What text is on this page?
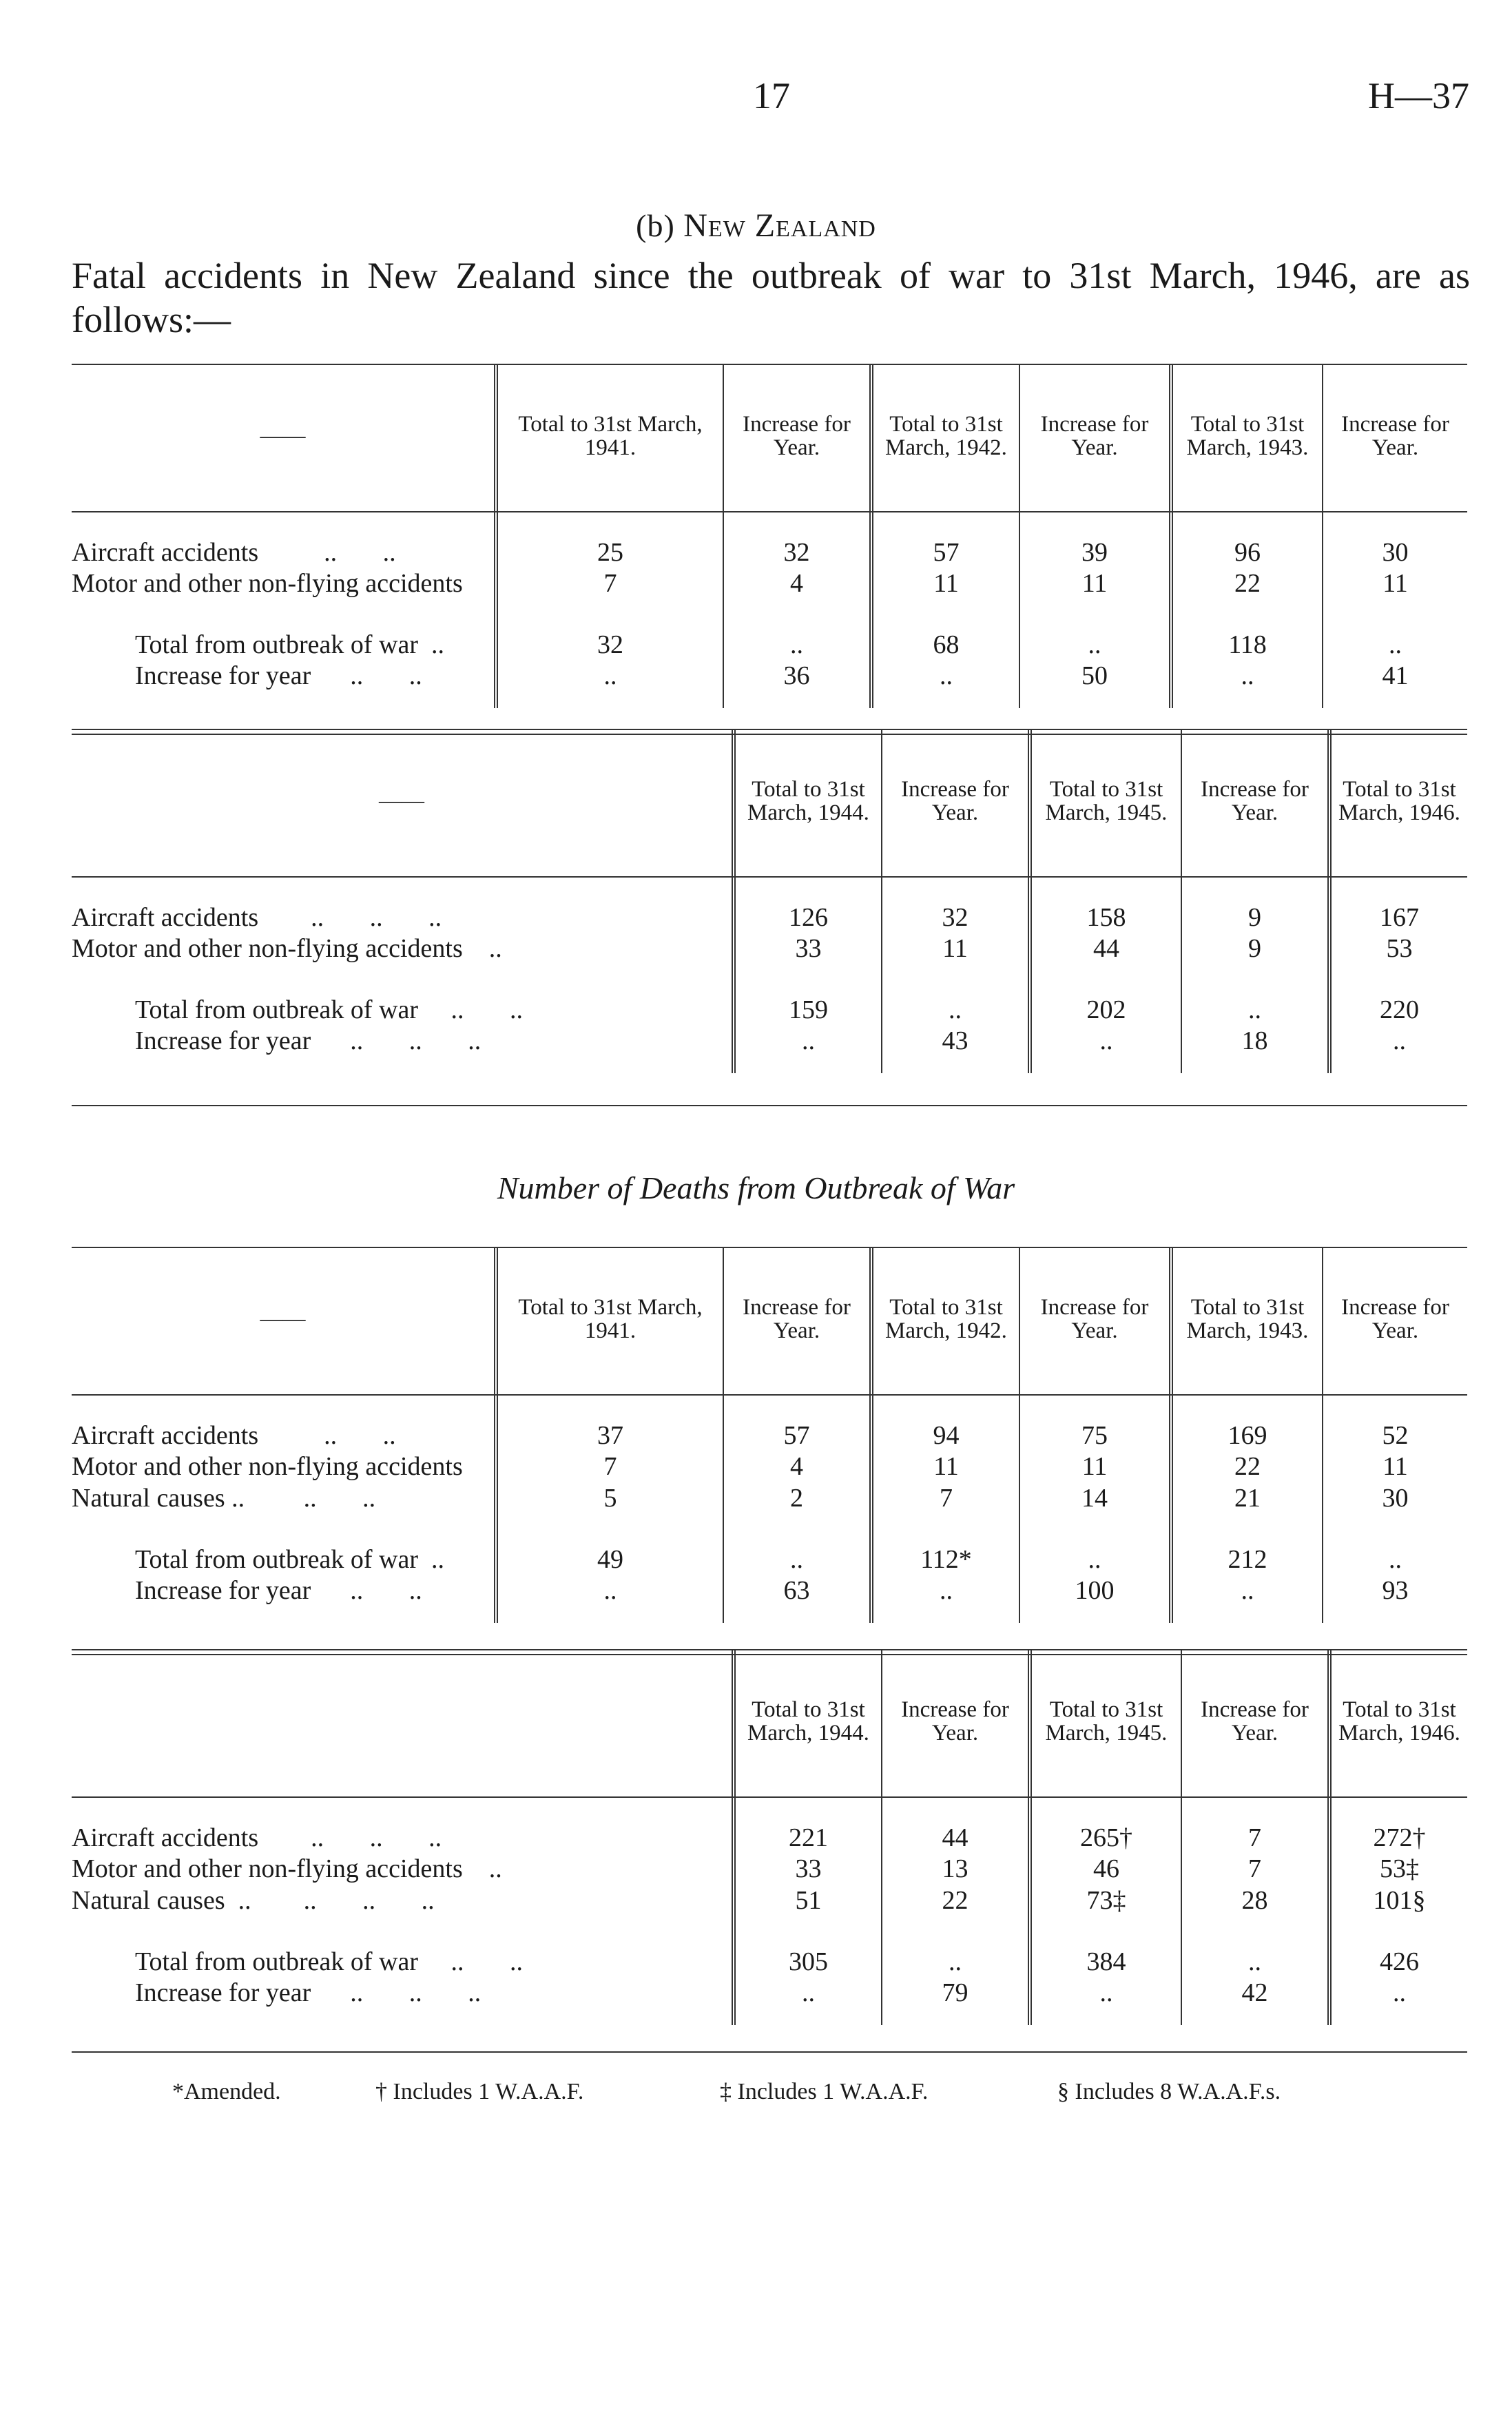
17	H—37
(b) New Zealand
Fatal accidents in New Zealand since the outbreak of war to 31st March, 1946, are as follows:—
——	Total to 31st March, 1941.	Increase for Year.	Total to 31st March, 1942.	Increase for Year.	Total to 31st March, 1943.	Increase for Year.
Aircraft accidents          ..       ..	25	32	57	39	96	30
Motor and other non-flying accidents	7	4	11	11	22	11
Total from outbreak of war  ..	32	..	68	..	118	..
Increase for year      ..       ..	..	36	..	50	..	41

——	Total to 31st March, 1944.	Increase for Year.	Total to 31st March, 1945.	Increase for Year.	Total to 31st March, 1946.
Aircraft accidents        ..       ..       ..	126	32	158	9	167
Motor and other non-flying accidents    ..	33	11	44	9	53
Total from outbreak of war     ..       ..	159	..	202	..	220
Increase for year      ..       ..       ..	..	43	..	18	..

——	Total to 31st March, 1941.	Increase for Year.	Total to 31st March, 1942.	Increase for Year.	Total to 31st March, 1943.	Increase for Year.
Aircraft accidents          ..       ..	37	57	94	75	169	52
Motor and other non-flying accidents	7	4	11	11	22	11
Natural causes ..         ..       ..	5	2	7	14	21	30
Total from outbreak of war  ..	49	..	112*	..	212	..
Increase for year      ..       ..	..	63	..	100	..	93

	Total to 31st March, 1944.	Increase for Year.	Total to 31st March, 1945.	Increase for Year.	Total to 31st March, 1946.
Aircraft accidents        ..       ..       ..	221	44	265†	7	272†
Motor and other non-flying accidents    ..	33	13	46	7	53‡
Natural causes  ..        ..       ..       ..	51	22	73‡	28	101§
Total from outbreak of war     ..       ..	305	..	384	..	426
Increase for year      ..       ..       ..	..	79	..	42	..

Number of Deaths from Outbreak of War
*Amended.	† Includes 1 W.A.A.F.	‡ Includes 1 W.A.A.F.	§ Includes 8 W.A.A.F.s.
